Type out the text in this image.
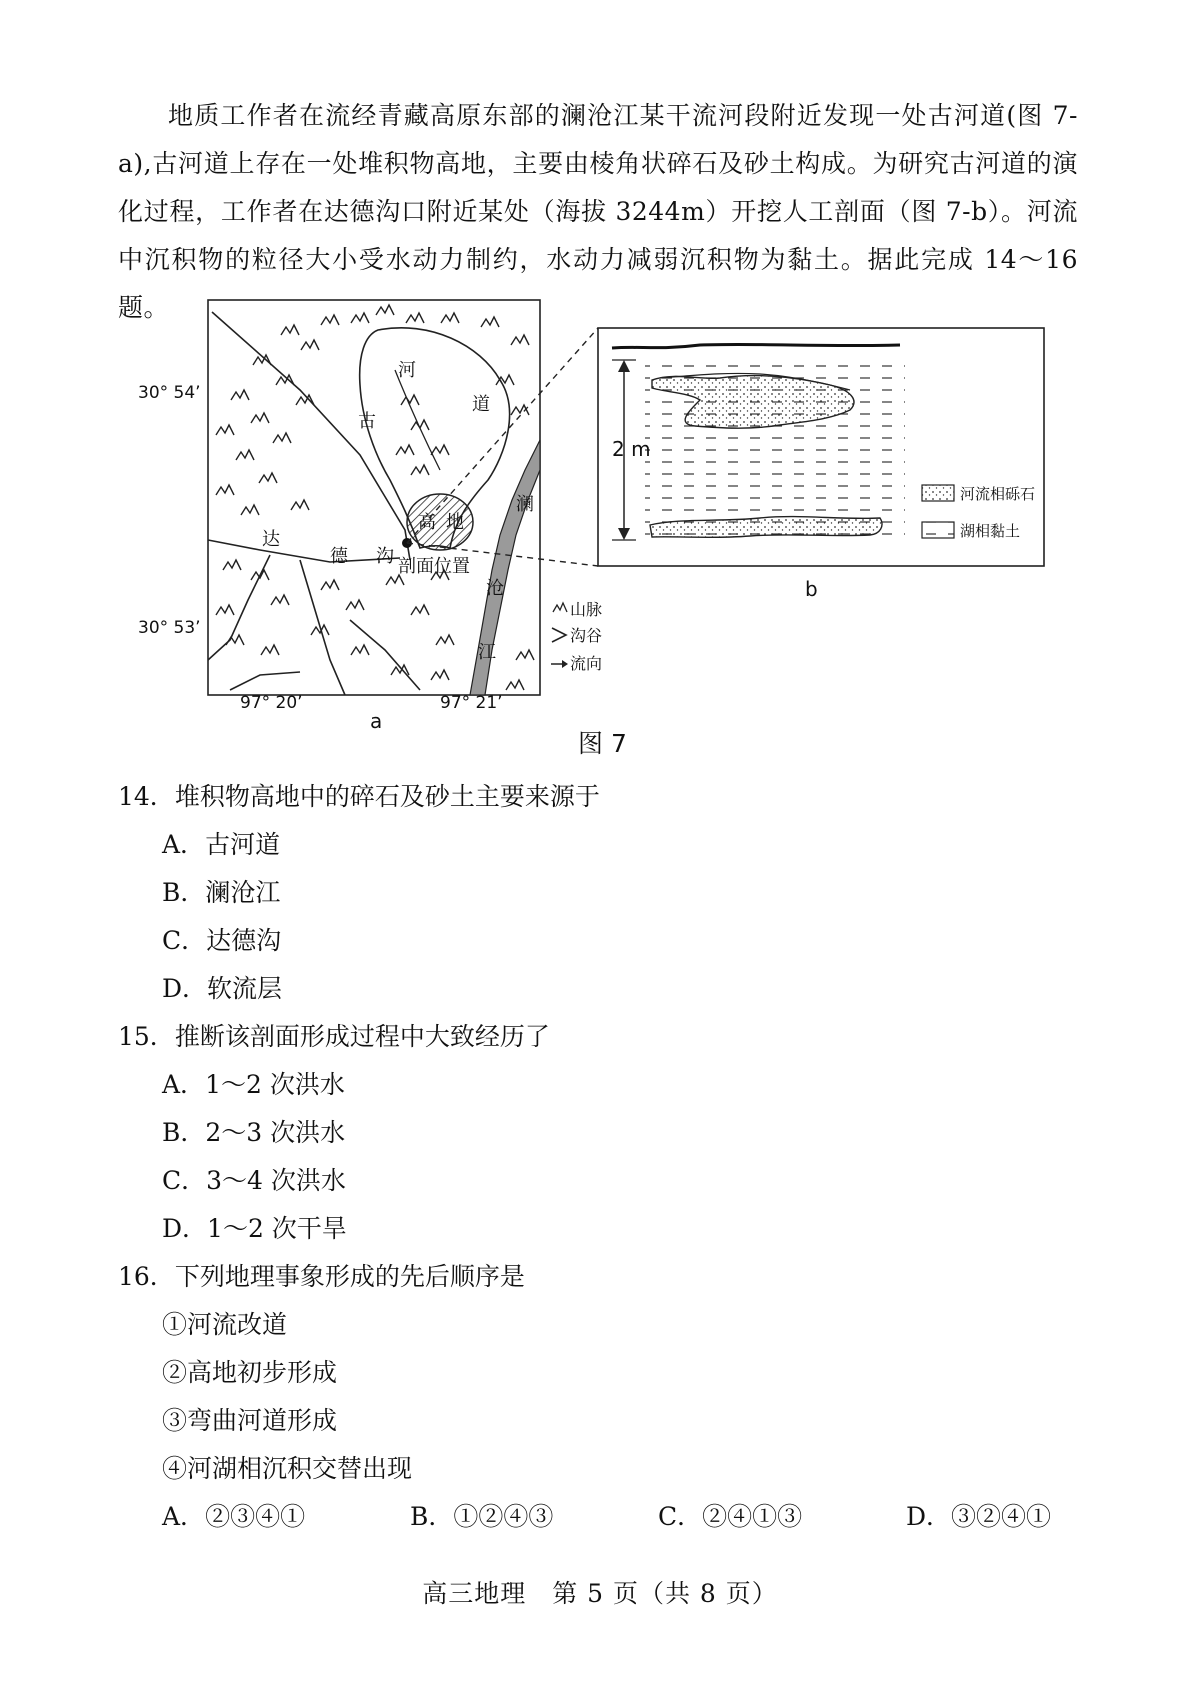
地质工作者在流经青藏高原东部的澜沧江某干流河段附近发现一处古河道(图 7-a),古河道上存在一处堆积物高地，主要由棱角状碎石及砂土构成。为研究古河道的演化过程，工作者在达德沟口附近某处（海拔 3244m）开挖人工剖面（图 7-b）。河流中沉积物的粒径大小受水动力制约，水动力减弱沉积物为黏土。据此完成 14～16 题。

河
古
道
高 地
达
德 沟
澜
沧
江
剖面位置
30° 54’
30° 53’
97° 20’	97° 21’
a
山脉
沟谷
流向
2 m
河流相砾石
湖相黏土
b
图 7
14．堆积物高地中的碎石及砂土主要来源于
A．古河道
B．澜沧江
C．达德沟
D．软流层
15．推断该剖面形成过程中大致经历了
A．1～2 次洪水
B．2～3 次洪水
C．3～4 次洪水
D．1～2 次干旱
16．下列地理事象形成的先后顺序是
①河流改道
②高地初步形成
③弯曲河道形成
④河湖相沉积交替出现
A．②③④①	B．①②④③	C．②④①③	D．③②④①
高三地理　第 5 页（共 8 页）
